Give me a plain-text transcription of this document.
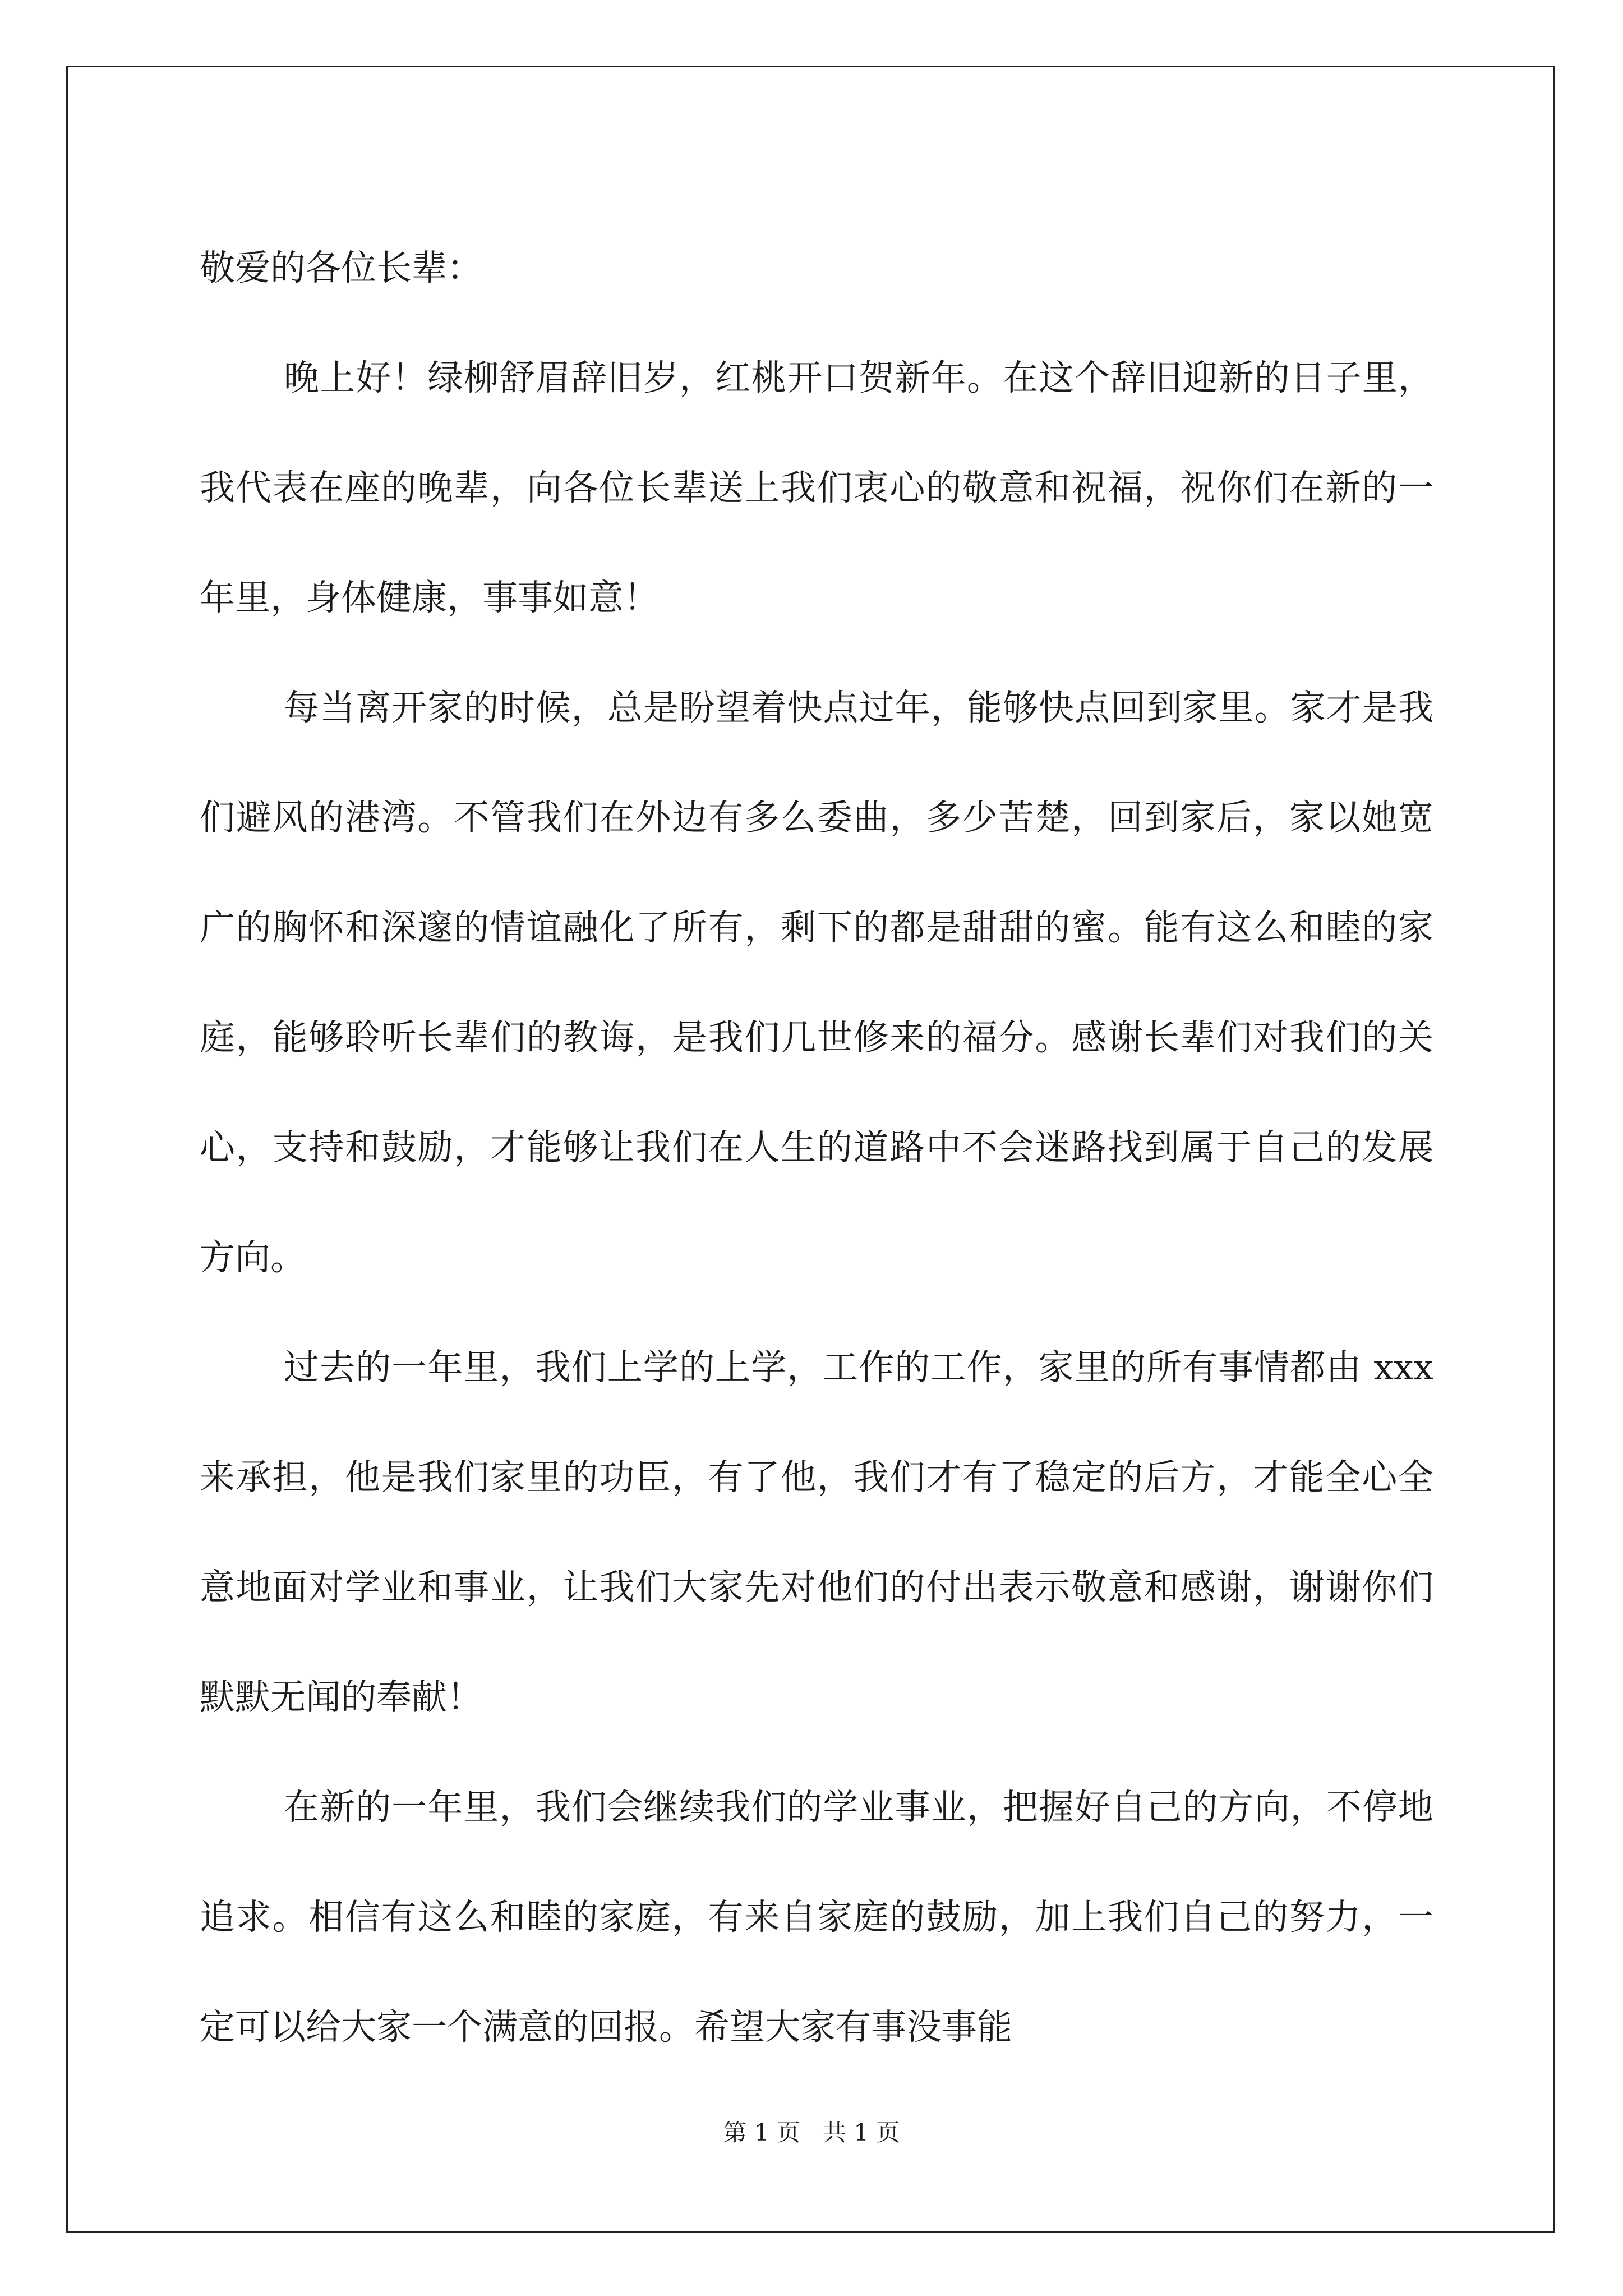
敬爱的各位长辈：

晚上好！绿柳舒眉辞旧岁，红桃开口贺新年。在这个辞旧迎新的日子里，我代表在座的晚辈，向各位长辈送上我们衷心的敬意和祝福，祝你们在新的一年里，身体健康，事事如意！

每当离开家的时候，总是盼望着快点过年，能够快点回到家里。家才是我们避风的港湾。不管我们在外边有多么委曲，多少苦楚，回到家后，家以她宽广的胸怀和深邃的情谊融化了所有，剩下的都是甜甜的蜜。能有这么和睦的家庭，能够聆听长辈们的教诲，是我们几世修来的福分。感谢长辈们对我们的关心，支持和鼓励，才能够让我们在人生的道路中不会迷路找到属于自己的发展方向。

过去的一年里，我们上学的上学，工作的工作，家里的所有事情都由 xxx 来承担，他是我们家里的功臣，有了他，我们才有了稳定的后方，才能全心全意地面对学业和事业，让我们大家先对他们的付出表示敬意和感谢，谢谢你们默默无闻的奉献！

在新的一年里，我们会继续我们的学业事业，把握好自己的方向，不停地追求。相信有这么和睦的家庭，有来自家庭的鼓励，加上我们自己的努力，一定可以给大家一个满意的回报。希望大家有事没事能

第 1 页   共 1 页
